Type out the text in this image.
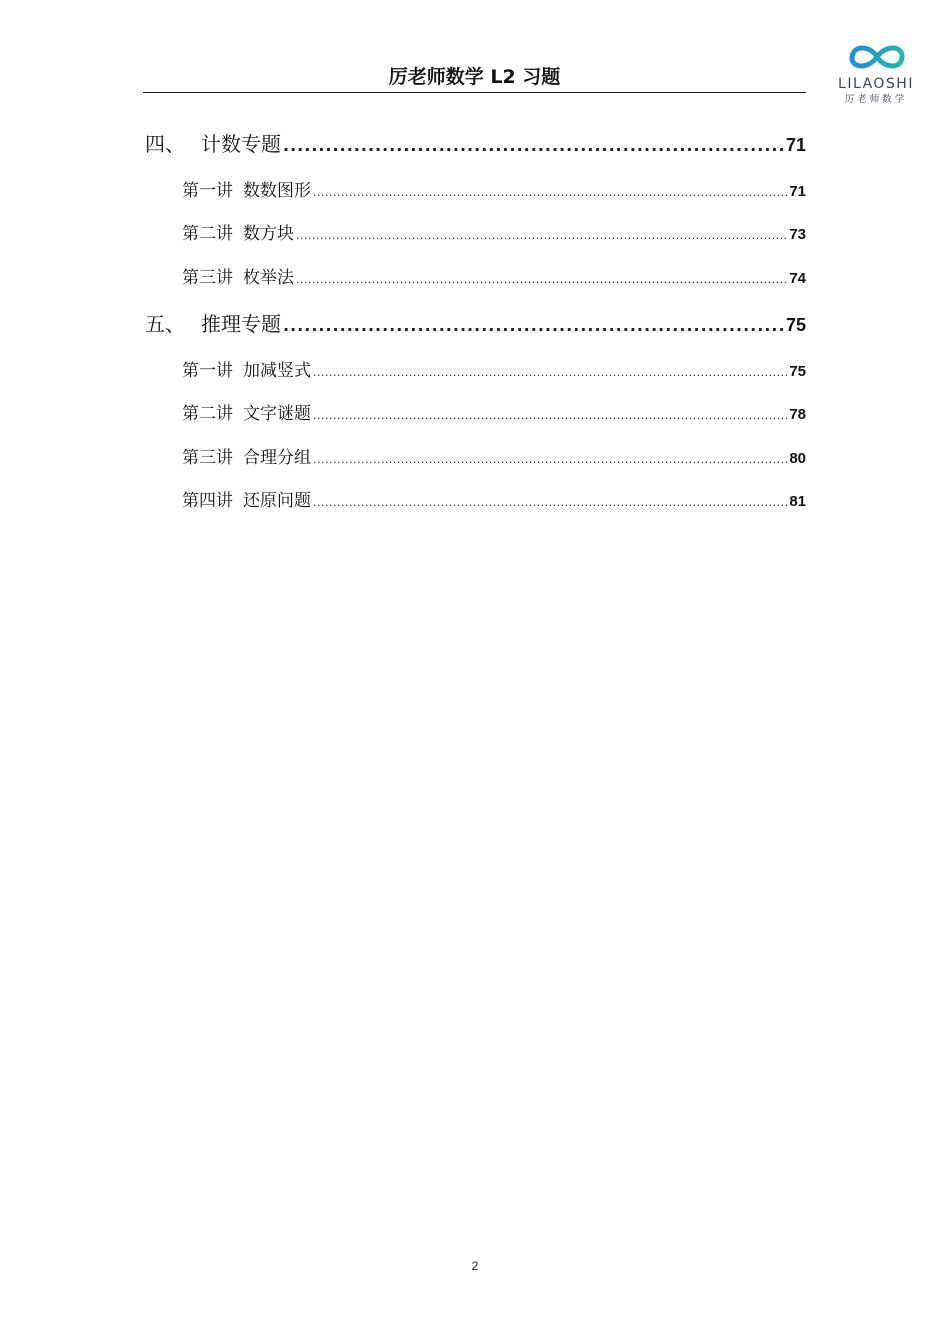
厉老师数学 L2 习题	LILAOSHI
厉老师数学
四、 计数专题 .....	71
第一讲 数数图形 .....	71
第二讲 数方块 .....	73
第三讲 枚举法 .....	74
五、 推理专题 .....	75
第一讲 加减竖式 .....	75
第二讲 文字谜题 .....	78
第三讲 合理分组 .....	80
第四讲 还原问题 .....	81
2
